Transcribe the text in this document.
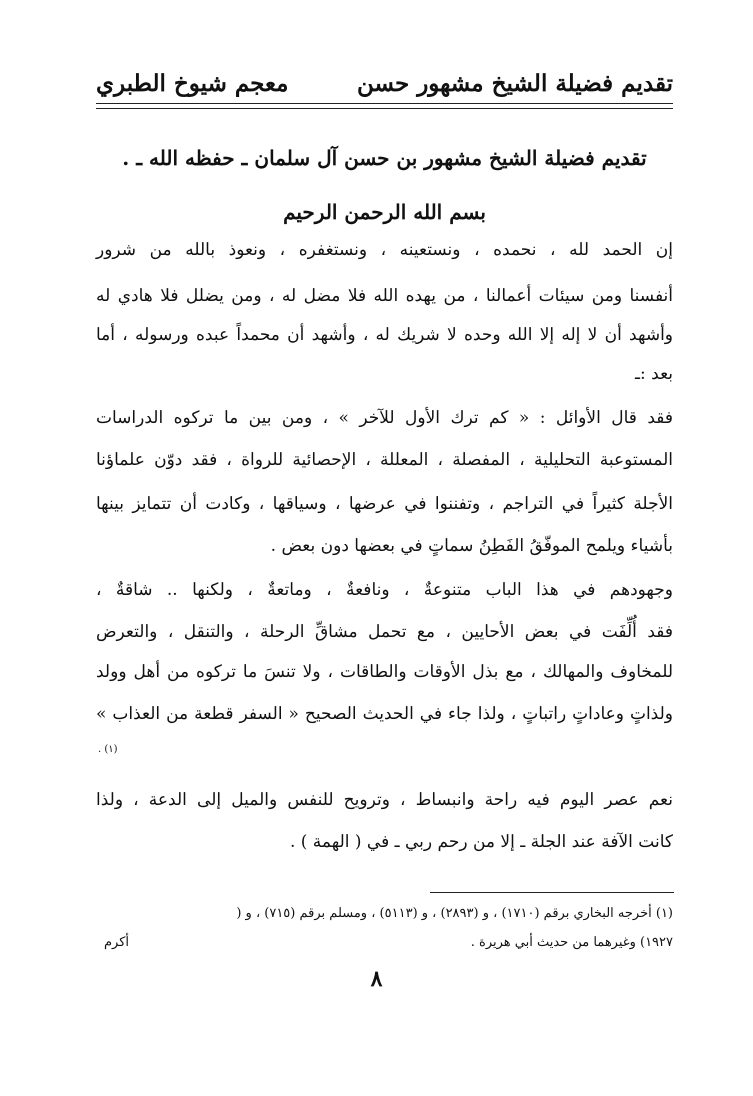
تقديم فضيلة الشيخ مشهور حسن
معجم شيوخ الطبري
تقديم فضيلة الشيخ مشهور بن حسن آل سلمان ـ حفظه الله ـ .
بسم الله الرحمن الرحيم
إن الحمد لله ، نحمده ، ونستعينه ، ونستغفره ، ونعوذ بالله من شرور
أنفسنا ومن سيئات أعمالنا ، من يهده الله فلا مضل له ، ومن يضلل فلا هادي له
وأشهد أن لا إله إلا الله وحده لا شريك له ، وأشهد أن محمداً عبده ورسوله ، أما
بعد :ـ
فقد قال الأوائل : « كم ترك الأول للآخر » ، ومن بين ما تركوه الدراسات
المستوعبة التحليلية ، المفصلة ، المعللة ، الإحصائية للرواة ، فقد دوّن علماؤنا
الأجلة كثيراً في التراجم ، وتفننوا في عرضها ، وسياقها ، وكادت أن تتمايز بينها
بأشياء ويلمح الموفّقُ الفَطِنُ سماتٍ في بعضها دون بعض .
وجهودهم في هذا الباب متنوعةٌ ، ونافعةٌ ، وماتعةٌ ، ولكنها .. شاقةٌ ،
فقد أُلِّفَت في بعض الأحايين ، مع تحمل مشاقِّ الرحلة ، والتنقل ، والتعرض
للمخاوف والمهالك ، مع بذل الأوقات والطاقات ، ولا تنسَ ما تركوه من أهل وولد
ولذاتٍ وعاداتٍ راتباتٍ ، ولذا جاء في الحديث الصحيح « السفر قطعة من العذاب »
(١) .
نعم عصر اليوم فيه راحة وانبساط ، وترويح للنفس والميل إلى الدعة ، ولذا
كانت الآفة عند الجلة ـ إلا من رحم ربي ـ في ( الهمة ) .
(١) أخرجه البخاري برقم (١٧١٠) ، و (٢٨٩٣) ، و (٥١١٣) ، ومسلم برقم (٧١٥) ، و (
١٩٢٧) وغيرهما من حديث أبي هريرة .
أكرم
٨
